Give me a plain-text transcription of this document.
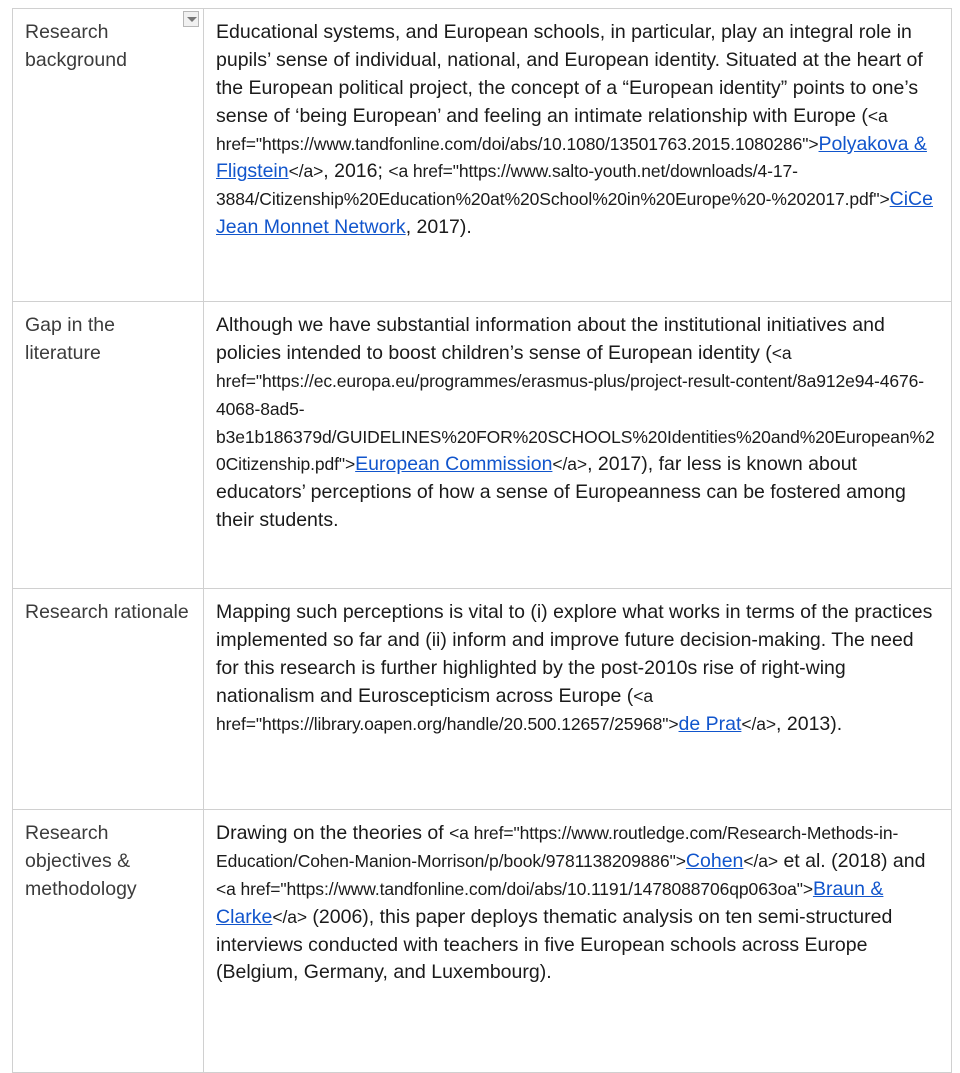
Research background	Educational systems, and European schools, in particular, play an integral role in pupils’ sense of individual, national, and European identity. Situated at the heart of the European political project, the concept of a “European identity” points to one’s sense of ‘being European’ and feeling an intimate relationship with Europe (<a href="https://www.tandfonline.com/doi/abs/10.1080/13501763.2015.1080286">Polyakova & Fligstein</a>, 2016; <a href="https://www.salto-youth.net/downloads/4-17-3884/Citizenship%20Education%20at%20School%20in%20Europe%20-%202017.pdf">CiCe Jean Monnet Network, 2017).
Gap in the literature	Although we have substantial information about the institutional initiatives and policies intended to boost children’s sense of European identity (<a href="https://ec.europa.eu/programmes/erasmus-plus/project-result-content/8a912e94-4676-4068-8ad5-b3e1b186379d/GUIDELINES%20FOR%20SCHOOLS%20Identities%20and%20European%20Citizenship.pdf">European Commission</a>, 2017), far less is known about educators’ perceptions of how a sense of Europeanness can be fostered among their students.
Research rationale	Mapping such perceptions is vital to (i) explore what works in terms of the practices implemented so far and (ii) inform and improve future decision-making. The need for this research is further highlighted by the post-2010s rise of right-wing nationalism and Euroscepticism across Europe (<a href="https://library.oapen.org/handle/20.500.12657/25968">de Prat</a>, 2013).
Research objectives & methodology	Drawing on the theories of <a href="https://www.routledge.com/Research-Methods-in-Education/Cohen-Manion-Morrison/p/book/9781138209886">Cohen</a> et al. (2018) and <a href="https://www.tandfonline.com/doi/abs/10.1191/1478088706qp063oa">Braun & Clarke</a> (2006), this paper deploys thematic analysis on ten semi-structured interviews conducted with teachers in five European schools across Europe (Belgium, Germany, and Luxembourg).
